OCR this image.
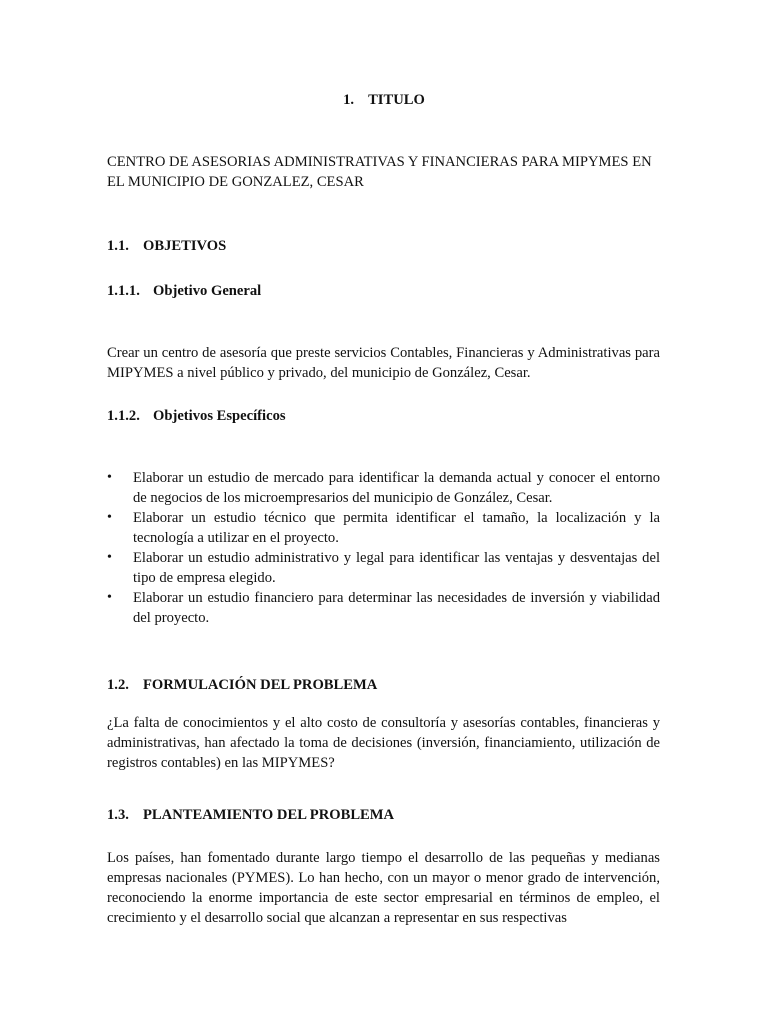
1. TITULO

CENTRO DE ASESORIAS ADMINISTRATIVAS Y FINANCIERAS PARA MIPYMES EN EL MUNICIPIO DE GONZALEZ, CESAR

1.1. OBJETIVOS
1.1.1. Objetivo General

Crear un centro de asesoría que preste servicios Contables, Financieras y Administrativas para MIPYMES a nivel público y privado, del municipio de González, Cesar.

1.1.2. Objetivos Específicos
• Elaborar un estudio de mercado para identificar la demanda actual y conocer el entorno de negocios de los microempresarios del municipio de González, Cesar.
• Elaborar un estudio técnico que permita identificar el tamaño, la localización y la tecnología a utilizar en el proyecto.
• Elaborar un estudio administrativo y legal para identificar las ventajas y desventajas del tipo de empresa elegido.
• Elaborar un estudio financiero para determinar las necesidades de inversión y viabilidad del proyecto.
1.2. FORMULACIÓN DEL PROBLEMA

¿La falta de conocimientos y el alto costo de consultoría y asesorías contables, financieras y administrativas, han afectado la toma de decisiones (inversión, financiamiento, utilización de registros contables) en las MIPYMES?

1.3. PLANTEAMIENTO DEL PROBLEMA

Los países, han fomentado durante largo tiempo el desarrollo de las pequeñas y medianas empresas nacionales (PYMES). Lo han hecho, con un mayor o menor grado de intervención, reconociendo la enorme importancia de este sector empresarial en términos de empleo, el crecimiento y el desarrollo social que alcanzan a representar en sus respectivas
